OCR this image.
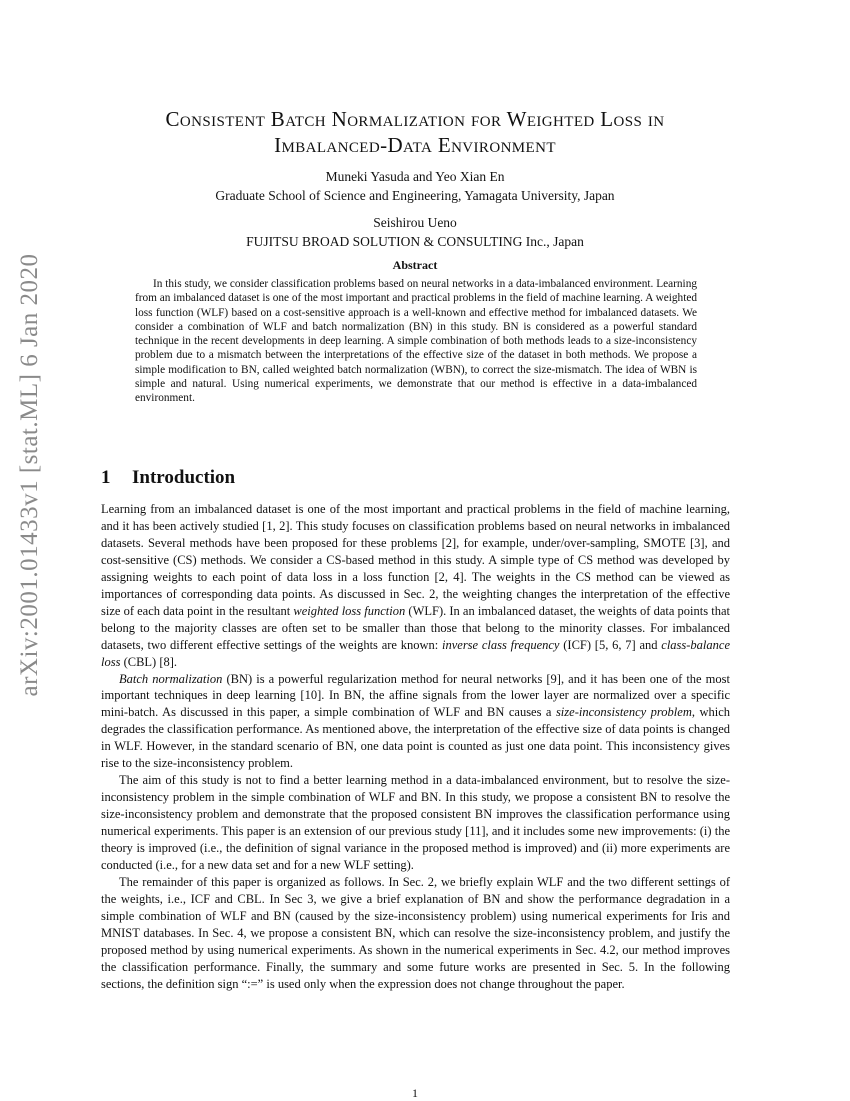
arXiv:2001.01433v1 [stat.ML] 6 Jan 2020
Consistent Batch Normalization for Weighted Loss in
Imbalanced-Data Environment
Muneki Yasuda and Yeo Xian En
Graduate School of Science and Engineering, Yamagata University, Japan
Seishirou Ueno
FUJITSU BROAD SOLUTION & CONSULTING Inc., Japan
Abstract

In this study, we consider classification problems based on neural networks in a data-imbalanced environment. Learning from an imbalanced dataset is one of the most important and practical problems in the field of machine learning. A weighted loss function (WLF) based on a cost-sensitive approach is a well-known and effective method for imbalanced datasets. We consider a combination of WLF and batch normalization (BN) in this study. BN is considered as a powerful standard technique in the recent developments in deep learning. A simple combination of both methods leads to a size-inconsistency problem due to a mismatch between the interpretations of the effective size of the dataset in both methods. We propose a simple modification to BN, called weighted batch normalization (WBN), to correct the size-mismatch. The idea of WBN is simple and natural. Using numerical experiments, we demonstrate that our method is effective in a data-imbalanced environment.

1 Introduction

Learning from an imbalanced dataset is one of the most important and practical problems in the field of machine learning, and it has been actively studied [1, 2]. This study focuses on classification problems based on neural networks in imbalanced datasets. Several methods have been proposed for these problems [2], for example, under/over-sampling, SMOTE [3], and cost-sensitive (CS) methods. We consider a CS-based method in this study. A simple type of CS method was developed by assigning weights to each point of data loss in a loss function [2, 4]. The weights in the CS method can be viewed as importances of corresponding data points. As discussed in Sec. 2, the weighting changes the interpretation of the effective size of each data point in the resultant weighted loss function (WLF). In an imbalanced dataset, the weights of data points that belong to the majority classes are often set to be smaller than those that belong to the minority classes. For imbalanced datasets, two different effective settings of the weights are known: inverse class frequency (ICF) [5, 6, 7] and class-balance loss (CBL) [8].

Batch normalization (BN) is a powerful regularization method for neural networks [9], and it has been one of the most important techniques in deep learning [10]. In BN, the affine signals from the lower layer are normalized over a specific mini-batch. As discussed in this paper, a simple combination of WLF and BN causes a size-inconsistency problem, which degrades the classification performance. As mentioned above, the interpretation of the effective size of data points is changed in WLF. However, in the standard scenario of BN, one data point is counted as just one data point. This inconsistency gives rise to the size-inconsistency problem.

The aim of this study is not to find a better learning method in a data-imbalanced environment, but to resolve the size-inconsistency problem in the simple combination of WLF and BN. In this study, we propose a consistent BN to resolve the size-inconsistency problem and demonstrate that the proposed consistent BN improves the classification performance using numerical experiments. This paper is an extension of our previous study [11], and it includes some new improvements: (i) the theory is improved (i.e., the definition of signal variance in the proposed method is improved) and (ii) more experiments are conducted (i.e., for a new data set and for a new WLF setting).

The remainder of this paper is organized as follows. In Sec. 2, we briefly explain WLF and the two different settings of the weights, i.e., ICF and CBL. In Sec 3, we give a brief explanation of BN and show the performance degradation in a simple combination of WLF and BN (caused by the size-inconsistency problem) using numerical experiments for Iris and MNIST databases. In Sec. 4, we propose a consistent BN, which can resolve the size-inconsistency problem, and justify the proposed method by using numerical experiments. As shown in the numerical experiments in Sec. 4.2, our method improves the classification performance. Finally, the summary and some future works are presented in Sec. 5. In the following sections, the definition sign “:=” is used only when the expression does not change throughout the paper.

1
